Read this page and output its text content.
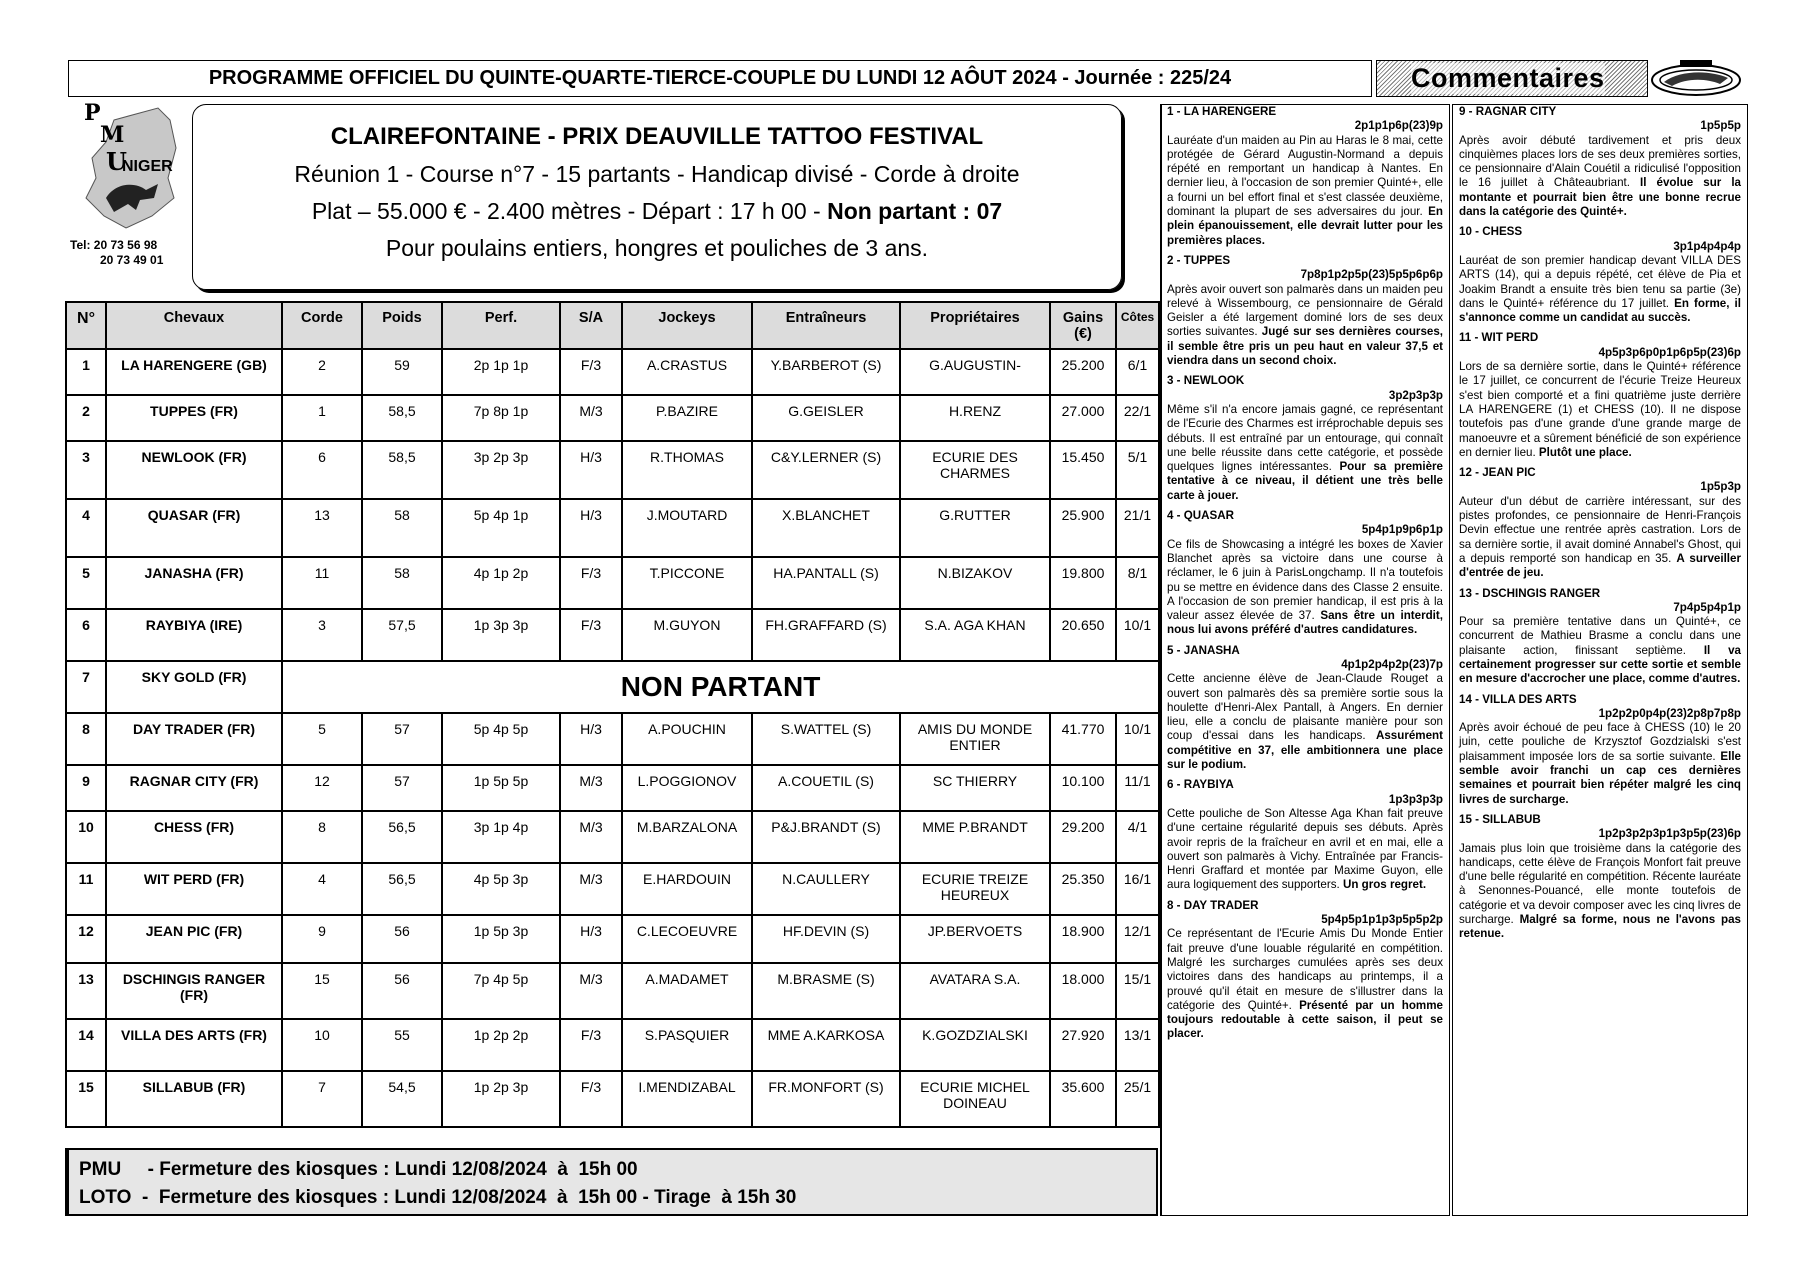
PROGRAMME OFFICIEL DU QUINTE-QUARTE-TIERCE-COUPLE DU LUNDI 12 AÔUT 2024 - Journée : 225/24	Commentaires
P
M
U
NIGER
Tel: 20 73 56 98
20 73 49 01
CLAIREFONTAINE - PRIX DEAUVILLE TATTOO FESTIVAL
Réunion 1 - Course n°7 - 15 partants - Handicap divisé - Corde à droite
Plat – 55.000 € - 2.400 mètres - Départ : 17 h 00 - Non partant : 07
Pour poulains entiers, hongres et pouliches de 3 ans.
N°	Chevaux	Corde	Poids	Perf.	S/A	Jockeys	Entraîneurs	Propriétaires	Gains (€)	Côtes
1	LA HARENGERE (GB)	2	59	2p 1p 1p	F/3	A.CRASTUS	Y.BARBEROT (S)	G.AUGUSTIN-	25.200	6/1
2	TUPPES (FR)	1	58,5	7p 8p 1p	M/3	P.BAZIRE	G.GEISLER	H.RENZ	27.000	22/1
3	NEWLOOK (FR)	6	58,5	3p 2p 3p	H/3	R.THOMAS	C&Y.LERNER (S)	ECURIE DES CHARMES	15.450	5/1
4	QUASAR (FR)	13	58	5p 4p 1p	H/3	J.MOUTARD	X.BLANCHET	G.RUTTER	25.900	21/1
5	JANASHA (FR)	11	58	4p 1p 2p	F/3	T.PICCONE	HA.PANTALL (S)	N.BIZAKOV	19.800	8/1
6	RAYBIYA (IRE)	3	57,5	1p 3p 3p	F/3	M.GUYON	FH.GRAFFARD (S)	S.A. AGA KHAN	20.650	10/1
7	SKY GOLD (FR)	NON PARTANT								
8	DAY TRADER (FR)	5	57	5p 4p 5p	H/3	A.POUCHIN	S.WATTEL (S)	AMIS DU MONDE ENTIER	41.770	10/1
9	RAGNAR CITY (FR)	12	57	1p 5p 5p	M/3	L.POGGIONOV	A.COUETIL (S)	SC THIERRY	10.100	11/1
10	CHESS (FR)	8	56,5	3p 1p 4p	M/3	M.BARZALONA	P&J.BRANDT (S)	MME P.BRANDT	29.200	4/1
11	WIT PERD (FR)	4	56,5	4p 5p 3p	M/3	E.HARDOUIN	N.CAULLERY	ECURIE TREIZE HEUREUX	25.350	16/1
12	JEAN PIC (FR)	9	56	1p 5p 3p	H/3	C.LECOEUVRE	HF.DEVIN (S)	JP.BERVOETS	18.900	12/1
13	DSCHINGIS RANGER (FR)	15	56	7p 4p 5p	M/3	A.MADAMET	M.BRASME (S)	AVATARA S.A.	18.000	15/1
14	VILLA DES ARTS (FR)	10	55	1p 2p 2p	F/3	S.PASQUIER	MME A.KARKOSA	K.GOZDZIALSKI	27.920	13/1
15	SILLABUB (FR)	7	54,5	1p 2p 3p	F/3	I.MENDIZABAL	FR.MONFORT (S)	ECURIE MICHEL DOINEAU	35.600	25/1
PMU     - Fermeture des kiosques : Lundi 12/08/2024  à  15h 00
LOTO  -  Fermeture des kiosques : Lundi 12/08/2024  à  15h 00 - Tirage  à 15h 30
1 - LA HARENGERE
2p1p1p6p(23)9p
Lauréate d'un maiden au Pin au Haras le 8 mai, cette protégée de Gérard Augustin-Normand a depuis répété en remportant un handicap à Nantes. En dernier lieu, à l'occasion de son premier Quinté+, elle a fourni un bel effort final et s'est classée deuxième, dominant la plupart de ses adversaires du jour. En plein épanouissement, elle devrait lutter pour les premières places.
2 - TUPPES
7p8p1p2p5p(23)5p5p6p6p
Après avoir ouvert son palmarès dans un maiden peu relevé à Wissembourg, ce pensionnaire de Gérald Geisler a été largement dominé lors de ses deux sorties suivantes. Jugé sur ses dernières courses, il semble être pris un peu haut en valeur 37,5 et viendra dans un second choix.
3 - NEWLOOK
3p2p3p3p
Même s'il n'a encore jamais gagné, ce représentant de l'Ecurie des Charmes est irréprochable depuis ses débuts. Il est entraîné par un entourage, qui connaît une belle réussite dans cette catégorie, et possède quelques lignes intéressantes. Pour sa première tentative à ce niveau, il détient une très belle carte à jouer.
4 - QUASAR
5p4p1p9p6p1p
Ce fils de Showcasing a intégré les boxes de Xavier Blanchet après sa victoire dans une course à réclamer, le 6 juin à ParisLongchamp. Il n'a toutefois pu se mettre en évidence dans des Classe 2 ensuite. A l'occasion de son premier handicap, il est pris à la valeur assez élevée de 37. Sans être un interdit, nous lui avons préféré d'autres candidatures.
5 - JANASHA
4p1p2p4p2p(23)7p
Cette ancienne élève de Jean-Claude Rouget a ouvert son palmarès dès sa première sortie sous la houlette d'Henri-Alex Pantall, à Angers. En dernier lieu, elle a conclu de plaisante manière pour son coup d'essai dans les handicaps. Assurément compétitive en 37, elle ambitionnera une place sur le podium.
6 - RAYBIYA
1p3p3p3p
Cette pouliche de Son Altesse Aga Khan fait preuve d'une certaine régularité depuis ses débuts. Après avoir repris de la fraîcheur en avril et en mai, elle a ouvert son palmarès à Vichy. Entraînée par Francis-Henri Graffard et montée par Maxime Guyon, elle aura logiquement des supporters. Un gros regret.
8 - DAY TRADER
5p4p5p1p1p3p5p5p2p
Ce représentant de l'Ecurie Amis Du Monde Entier fait preuve d'une louable régularité en compétition. Malgré les surcharges cumulées après ses deux victoires dans des handicaps au printemps, il a prouvé qu'il était en mesure de s'illustrer dans la catégorie des Quinté+. Présenté par un homme toujours redoutable à cette saison, il peut se placer.
9 - RAGNAR CITY
1p5p5p
Après avoir débuté tardivement et pris deux cinquièmes places lors de ses deux premières sorties, ce pensionnaire d'Alain Couétil a ridiculisé l'opposition le 16 juillet à Châteaubriant. Il évolue sur la montante et pourrait bien être une bonne recrue dans la catégorie des Quinté+.
10 - CHESS
3p1p4p4p4p
Lauréat de son premier handicap devant VILLA DES ARTS (14), qui a depuis répété, cet élève de Pia et Joakim Brandt a ensuite très bien tenu sa partie (3e) dans le Quinté+ référence du 17 juillet. En forme, il s'annonce comme un candidat au succès.
11 - WIT PERD
4p5p3p6p0p1p6p5p(23)6p
Lors de sa dernière sortie, dans le Quinté+ référence le 17 juillet, ce concurrent de l'écurie Treize Heureux s'est bien comporté et a fini quatrième juste derrière LA HARENGERE (1) et CHESS (10). Il ne dispose toutefois pas d'une grande d'une grande marge de manoeuvre et a sûrement bénéficié de son expérience en dernier lieu. Plutôt une place.
12 - JEAN PIC
1p5p3p
Auteur d'un début de carrière intéressant, sur des pistes profondes, ce pensionnaire de Henri-François Devin effectue une rentrée après castration. Lors de sa dernière sortie, il avait dominé Annabel's Ghost, qui a depuis remporté son handicap en 35. A surveiller d'entrée de jeu.
13 - DSCHINGIS RANGER
7p4p5p4p1p
Pour sa première tentative dans un Quinté+, ce concurrent de Mathieu Brasme a conclu dans une plaisante action, finissant septième. Il va certainement progresser sur cette sortie et semble en mesure d'accrocher une place, comme d'autres.
14 - VILLA DES ARTS
1p2p2p0p4p(23)2p8p7p8p
Après avoir échoué de peu face à CHESS (10) le 20 juin, cette pouliche de Krzysztof Gozdzialski s'est plaisamment imposée lors de sa sortie suivante. Elle semble avoir franchi un cap ces dernières semaines et pourrait bien répéter malgré les cinq livres de surcharge.
15 - SILLABUB
1p2p3p2p3p1p3p5p(23)6p
Jamais plus loin que troisième dans la catégorie des handicaps, cette élève de François Monfort fait preuve d'une belle régularité en compétition. Récente lauréate à Senonnes-Pouancé, elle monte toutefois de catégorie et va devoir composer avec les cinq livres de surcharge. Malgré sa forme, nous ne l'avons pas retenue.
